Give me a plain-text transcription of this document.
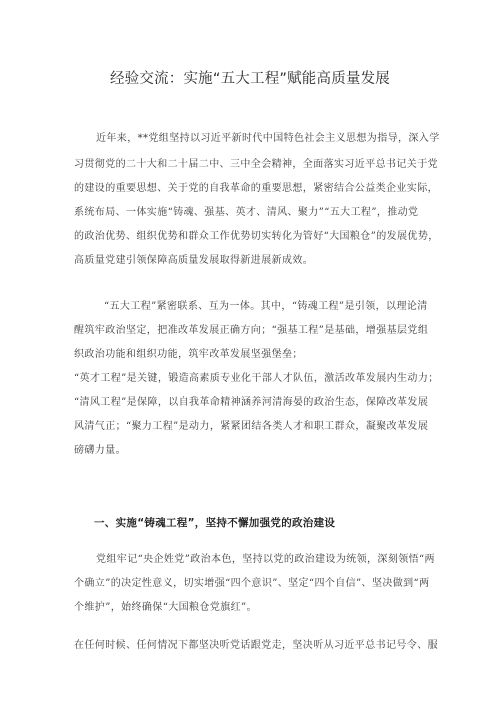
经验交流：实施“五大工程”赋能高质量发展
近年来，**党组坚持以习近平新时代中国特色社会主义思想为指导，深入学
习贯彻党的二十大和二十届二中、三中全会精神，全面落实习近平总书记关于党
的建设的重要思想、关于党的自我革命的重要思想，紧密结合公益类企业实际，
系统布局、一体实施“铸魂、强基、英才、清风、聚力”“五大工程”，推动党
的政治优势、组织优势和群众工作优势切实转化为管好“大国粮仓”的发展优势，
高质量党建引领保障高质量发展取得新进展新成效。
“五大工程”紧密联系、互为一体。其中，“铸魂工程”是引领，以理论清
醒筑牢政治坚定，把准改革发展正确方向；“强基工程”是基础，增强基层党组
织政治功能和组织功能，筑牢改革发展坚强堡垒；
“英才工程”是关键，锻造高素质专业化干部人才队伍，激活改革发展内生动力；
“清风工程”是保障，以自我革命精神涵养河清海晏的政治生态，保障改革发展
风清气正；“聚力工程”是动力，紧紧团结各类人才和职工群众，凝聚改革发展
磅礴力量。
一、实施“铸魂工程”，坚持不懈加强党的政治建设
党组牢记“央企姓党”政治本色，坚持以党的政治建设为统领，深刻领悟“两
个确立”的决定性意义，切实增强“四个意识”、坚定“四个自信”、坚决做到“两
个维护”，始终确保“大国粮仓党旗红”。
在任何时候、任何情况下都坚决听党话跟党走，坚决听从习近平总书记号令、服
